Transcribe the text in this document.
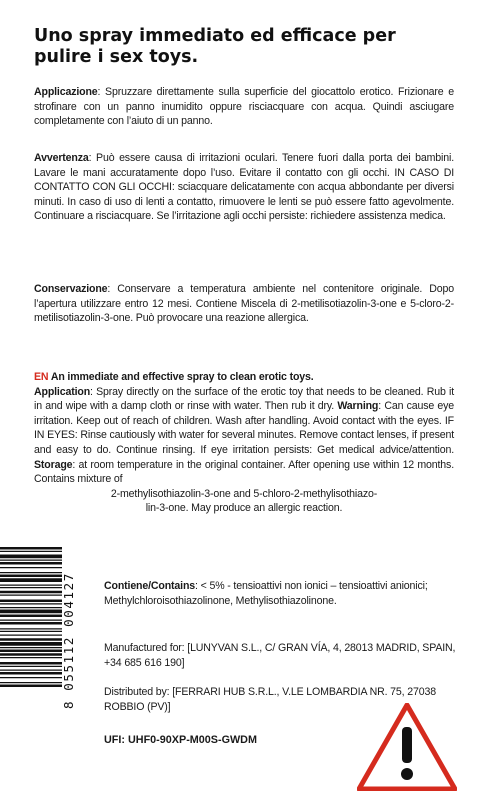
Uno spray immediato ed efficace per pulire i sex toys.
Applicazione: Spruzzare direttamente sulla superficie del giocattolo erotico. Frizionare e strofinare con un panno inumidito oppure risciacquare con acqua. Quindi asciugare completamente con l’aiuto di un panno.
Avvertenza: Può essere causa di irritazioni oculari. Tenere fuori dalla porta dei bambini. Lavare le mani accuratamente dopo l’uso. Evitare il contatto con gli occhi. IN CASO DI CONTATTO CON GLI OCCHI: sciacquare delicatamente con acqua abbondante per diversi minuti. In caso di uso di lenti a contatto, rimuovere le lenti se può essere fatto agevolmente. Continuare a risciacquare. Se l’irritazione agli occhi persiste: richiedere assistenza medica.
Conservazione: Conservare a temperatura ambiente nel contenitore originale. Dopo l’apertura utilizzare entro 12 mesi. Contiene Miscela di 2-metilisotiazolin-3-one e 5-cloro-2-metilisotiazolin-3-one. Può provocare una reazione allergica.
EN An immediate and effective spray to clean erotic toys.
Application: Spray directly on the surface of the erotic toy that needs to be cleaned. Rub it in and wipe with a damp cloth or rinse with water. Then rub it dry. Warning: Can cause eye irritation. Keep out of reach of children. Wash after handling. Avoid contact with the eyes. IF IN EYES: Rinse cautiously with water for several minutes. Remove contact lenses, if present and easy to do. Continue rinsing. If eye irritation persists: Get medical advice/attention. Storage: at room temperature in the original container. After opening use within 12 months. Contains mixture of
2-methylisothiazolin-3-one and 5-chloro-2-methylisothiazo-
lin-3-one. May produce an allergic reaction.
Contiene/Contains: < 5% - tensioattivi non ionici – tensioattivi anionici; Methylchloroisothiazolinone, Methylisothiazolinone.
Manufactured for: [LUNYVAN S.L., C/ GRAN VÍA, 4, 28013 MADRID, SPAIN, +34 685 616 190]
Distributed by: [FERRARI HUB S.R.L., V.LE LOMBARDIA NR. 75, 27038 ROBBIO (PV)]
UFI: UHF0-90XP-M00S-GWDM
8 055112 004127
